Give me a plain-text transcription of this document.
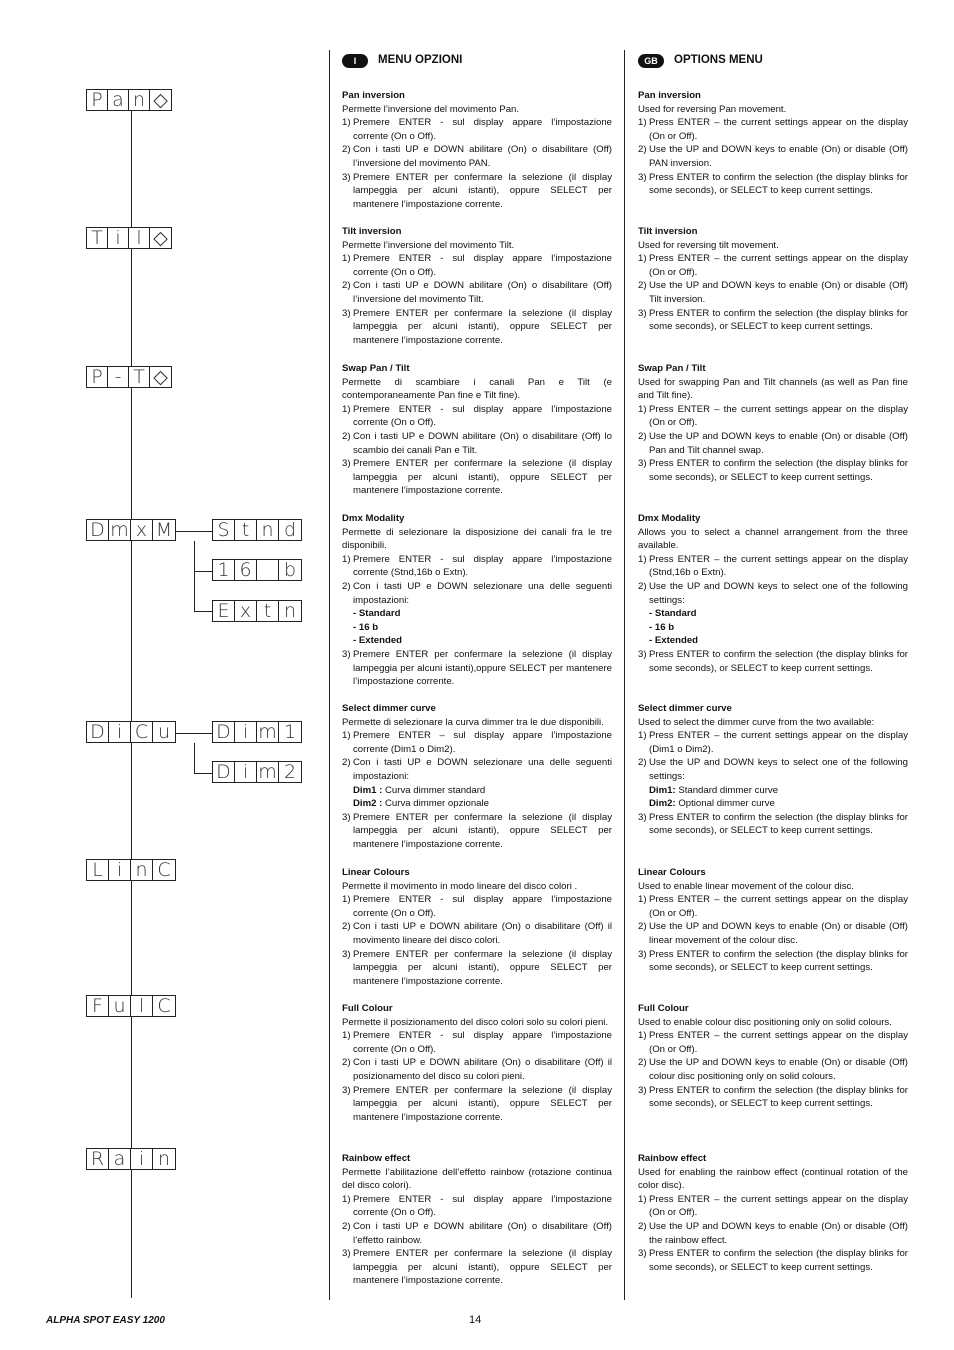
P a n ◇
T i l ◇
P - T ◇
D m x M S t n d
1 6 b
E x t n
D i C u D i m 1
D i m 2
L i n C
F u l C
R a i n
I	MENU OPZIONI
Pan inversion

Permette l’inversione del movimento Pan.

1) Premere ENTER - sul display appare l’impostazione corrente (On o Off).
2) Con i tasti UP e DOWN abilitare (On) o disabilitare (Off) l’inversione del movimento PAN.
3) Premere ENTER per confermare la selezione (il display lampeggia per alcuni istanti), oppure SELECT per mantenere l’impostazione corrente.
Tilt inversion

Permette l’inversione del movimento Tilt.

1) Premere ENTER - sul display appare l’impostazione corrente (On o Off).
2) Con i tasti UP e DOWN abilitare (On) o disabilitare (Off) l’inversione del movimento Tilt.
3) Premere ENTER per confermare la selezione (il display lampeggia per alcuni istanti), oppure SELECT per mantenere l’impostazione corrente.
Swap Pan / Tilt

Permette di scambiare i canali Pan e Tilt (e contemporaneamente Pan fine e Tilt fine).

1) Premere ENTER - sul display appare l’impostazione corrente (On o Off).
2) Con i tasti UP e DOWN abilitare (On) o disabilitare (Off) lo scambio dei canali Pan e Tilt.
3) Premere ENTER per confermare la selezione (il display lampeggia per alcuni istanti), oppure SELECT per mantenere l’impostazione corrente.
Dmx Modality

Permette di selezionare la disposizione dei canali fra le tre disponibili.

1) Premere ENTER - sul display appare l’impostazione corrente (Stnd,16b o Extn).
2) Con i tasti UP e DOWN selezionare una delle seguenti impostazioni:
- Standard
- 16 b
- Extended
3) Premere ENTER per confermare la selezione (il display lampeggia per alcuni istanti),oppure SELECT per mantenere l’impostazione corrente.
Select dimmer curve

Permette di selezionare la curva dimmer tra le due disponibili.

1) Premere ENTER – sul display appare l’impostazione corrente (Dim1 o Dim2).
2) Con i tasti UP e DOWN selezionare una delle seguenti impostazioni:
Dim1 : Curva dimmer standard
Dim2 : Curva dimmer opzionale
3) Premere ENTER per confermare la selezione (il display lampeggia per alcuni istanti), oppure SELECT per mantenere l’impostazione corrente.
Linear Colours

Permette il movimento in modo lineare del disco colori .

1) Premere ENTER - sul display appare l’impostazione corrente (On o Off).
2) Con i tasti UP e DOWN abilitare (On) o disabilitare (Off) il movimento lineare del disco colori.
3) Premere ENTER per confermare la selezione (il display lampeggia per alcuni istanti), oppure SELECT per mantenere l’impostazione corrente.
Full Colour

Permette il posizionamento del disco colori solo su colori pieni.

1) Premere ENTER - sul display appare l’impostazione corrente (On o Off).
2) Con i tasti UP e DOWN abilitare (On) o disabilitare (Off) il posizionamento del disco su colori pieni.
3) Premere ENTER per confermare la selezione (il display lampeggia per alcuni istanti), oppure SELECT per mantenere l’impostazione corrente.
Rainbow effect

Permette l’abilitazione dell’effetto rainbow (rotazione continua del disco colori).

1) Premere ENTER - sul display appare l’impostazione corrente (On o Off).
2) Con i tasti UP e DOWN abilitare (On) o disabilitare (Off) l’effetto rainbow.
3) Premere ENTER per confermare la selezione (il display lampeggia per alcuni istanti), oppure SELECT per mantenere l’impostazione corrente.
GB	OPTIONS MENU
Pan inversion

Used for reversing Pan movement.

1) Press ENTER – the current settings appear on the display (On or Off).
2) Use the UP and DOWN keys to enable (On) or disable (Off) PAN inversion.
3) Press ENTER to confirm the selection (the display blinks for some seconds), or SELECT to keep current settings.
Tilt inversion

Used for reversing tilt movement.

1) Press ENTER – the current settings appear on the display (On or Off).
2) Use the UP and DOWN keys to enable (On) or disable (Off) Tilt inversion.
3) Press ENTER to confirm the selection (the display blinks for some seconds), or SELECT to keep current settings.
Swap Pan / Tilt

Used for swapping Pan and Tilt channels (as well as Pan fine and Tilt fine).

1) Press ENTER – the current settings appear on the display (On or Off).
2) Use the UP and DOWN keys to enable (On) or disable (Off) Pan and Tilt channel swap.
3) Press ENTER to confirm the selection (the display blinks for some seconds), or SELECT to keep current settings.
Dmx Modality

Allows you to select a channel arrangement from the three available.

1) Press ENTER – the current settings appear on the display (Stnd,16b o Extn).
2) Use the UP and DOWN keys to select one of the following settings:
- Standard
- 16 b
- Extended
3) Press ENTER to confirm the selection (the display blinks for some seconds), or SELECT to keep current settings.
Select dimmer curve

Used to select the dimmer curve from the two available:

1) Press ENTER – the current settings appear on the display (Dim1 o Dim2).
2) Use the UP and DOWN keys to select one of the following settings:
Dim1: Standard dimmer curve
Dim2: Optional dimmer curve
3) Press ENTER to confirm the selection (the display blinks for some seconds), or SELECT to keep current settings.
Linear Colours

Used to enable linear movement of the colour disc.

1) Press ENTER – the current settings appear on the display (On or Off).
2) Use the UP and DOWN keys to enable (On) or disable (Off) linear movement of the colour disc.
3) Press ENTER to confirm the selection (the display blinks for some seconds), or SELECT to keep current settings.
Full Colour

Used to enable colour disc positioning only on solid colours.

1) Press ENTER – the current settings appear on the display (On or Off).
2) Use the UP and DOWN keys to enable (On) or disable (Off) colour disc positioning only on solid colours.
3) Press ENTER to confirm the selection (the display blinks for some seconds), or SELECT to keep current settings.
Rainbow effect

Used for enabling the rainbow effect (continual rotation of the color disc).

1) Press ENTER – the current settings appear on the display (On or Off).
2) Use the UP and DOWN keys to enable (On) or disable (Off) the rainbow effect.
3) Press ENTER to confirm the selection (the display blinks for some seconds), or SELECT to keep current settings.
ALPHA SPOT EASY 1200	14
